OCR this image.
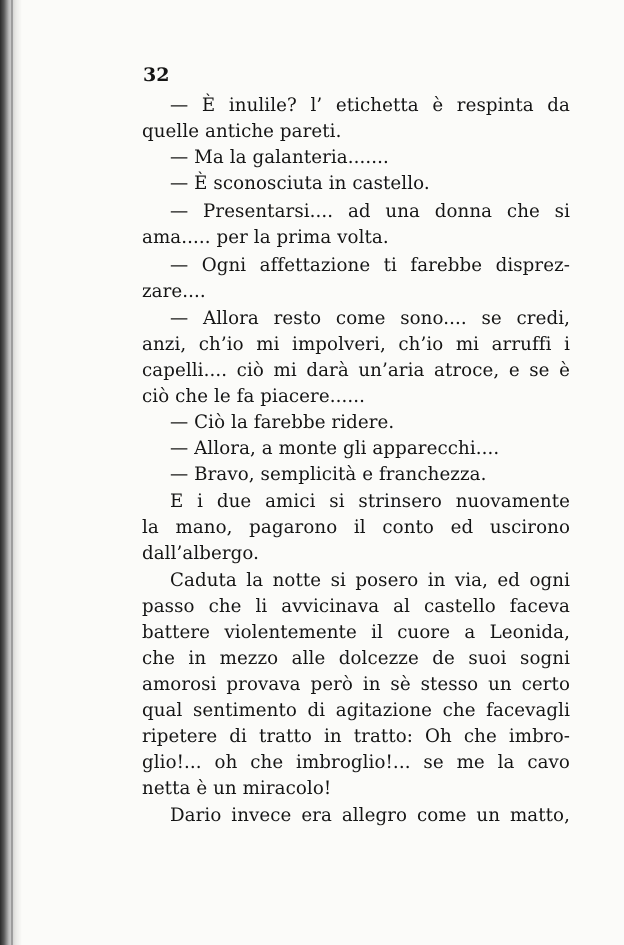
32
— È inulile? l’ etichetta è respinta da
quelle antiche pareti.
— Ma la galanteria.......
— È sconosciuta in castello.
— Presentarsi.... ad una donna che si
ama..... per la prima volta.
— Ogni affettazione ti farebbe disprez-
zare....
— Allora resto come sono.... se credi,
anzi, ch’io mi impolveri, ch’io mi arruffi i
capelli.... ciò mi darà un’aria atroce, e se è
ciò che le fa piacere......
— Ciò la farebbe ridere.
— Allora, a monte gli apparecchi....
— Bravo, semplicità e franchezza.
E i due amici si strinsero nuovamente
la mano, pagarono il conto ed uscirono
dall’albergo.
Caduta la notte si posero in via, ed ogni
passo che li avvicinava al castello faceva
battere violentemente il cuore a Leonida,
che in mezzo alle dolcezze de suoi sogni
amorosi provava però in sè stesso un certo
qual sentimento di agitazione che facevagli
ripetere di tratto in tratto: Oh che imbro-
glio!... oh che imbroglio!... se me la cavo
netta è un miracolo!
Dario invece era allegro come un matto,
